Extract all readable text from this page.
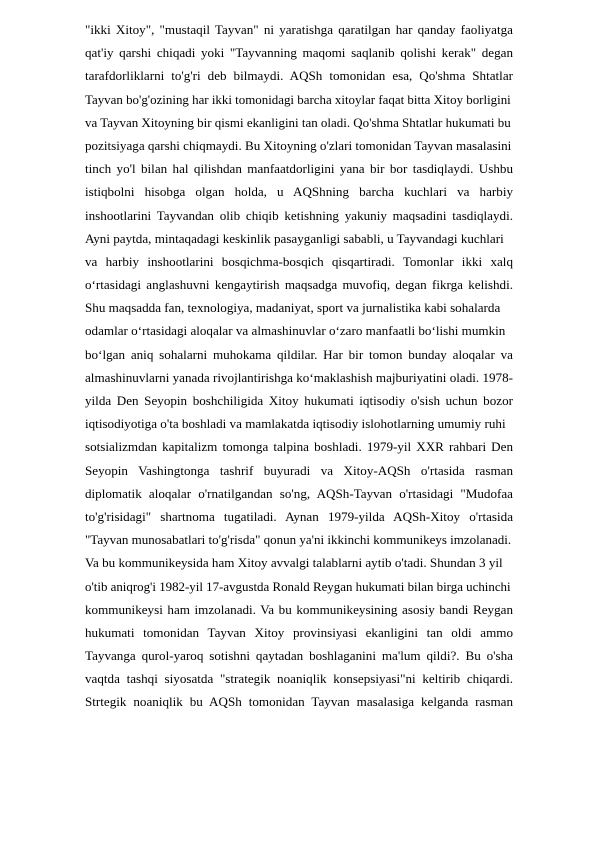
"ikki Xitoy", "mustaqil Tayvan" ni yaratishga qaratilgan har qanday faoliyatga
qat'iy qarshi chiqadi yoki "Tayvanning maqomi saqlanib qolishi kerak" degan
tarafdorliklarni to'g'ri deb bilmaydi. AQSh tomonidan esa, Qo'shma Shtatlar
Tayvan bo'g'ozining har ikki tomonidagi barcha xitoylar faqat bitta Xitoy borligini
va Tayvan Xitoyning bir qismi ekanligini tan oladi. Qo'shma Shtatlar hukumati bu
pozitsiyaga qarshi chiqmaydi. Bu Xitoyning o'zlari tomonidan Tayvan masalasini
tinch yo'l bilan hal qilishdan manfaatdorligini yana bir bor tasdiqlaydi. Ushbu
istiqbolni hisobga olgan holda, u AQShning barcha kuchlari va harbiy
inshootlarini Tayvandan olib chiqib ketishning yakuniy maqsadini tasdiqlaydi.
Ayni paytda, mintaqadagi keskinlik pasayganligi sababli, u Tayvandagi kuchlari
va harbiy inshootlarini bosqichma-bosqich qisqartiradi. Tomonlar ikki xalq
o‘rtasidagi anglashuvni kengaytirish maqsadga muvofiq, degan fikrga kelishdi.
Shu maqsadda fan, texnologiya, madaniyat, sport va jurnalistika kabi sohalarda
odamlar o‘rtasidagi aloqalar va almashinuvlar o‘zaro manfaatli bo‘lishi mumkin
bo‘lgan aniq sohalarni muhokama qildilar. Har bir tomon bunday aloqalar va
almashinuvlarni yanada rivojlantirishga ko‘maklashish majburiyatini oladi. 1978-
yilda Den Seyopin boshchiligida Xitoy hukumati iqtisodiy o'sish uchun bozor
iqtisodiyotiga o'ta boshladi va mamlakatda iqtisodiy islohotlarning umumiy ruhi
sotsializmdan kapitalizm tomonga talpina boshladi. 1979-yil XXR rahbari Den
Seyopin Vashingtonga tashrif buyuradi va Xitoy-AQSh o'rtasida rasman
diplomatik aloqalar o'rnatilgandan so'ng, AQSh-Tayvan o'rtasidagi "Mudofaa
to'g'risidagi" shartnoma tugatiladi. Aynan 1979-yilda AQSh-Xitoy o'rtasida
"Tayvan munosabatlari to'g'risda" qonun ya'ni ikkinchi kommunikeys imzolanadi.
Va bu kommunikeysida ham Xitoy avvalgi talablarni aytib o'tadi. Shundan 3 yil
o'tib aniqrog'i 1982-yil 17-avgustda Ronald Reygan hukumati bilan birga uchinchi
kommunikeysi ham imzolanadi. Va bu kommunikeysining asosiy bandi Reygan
hukumati tomonidan Tayvan Xitoy provinsiyasi ekanligini tan oldi ammo
Tayvanga qurol-yaroq sotishni qaytadan boshlaganini ma'lum qildi?. Bu o'sha
vaqtda tashqi siyosatda "strategik noaniqlik konsepsiyasi"ni keltirib chiqardi.
Strtegik noaniqlik bu AQSh tomonidan Tayvan masalasiga kelganda rasman
